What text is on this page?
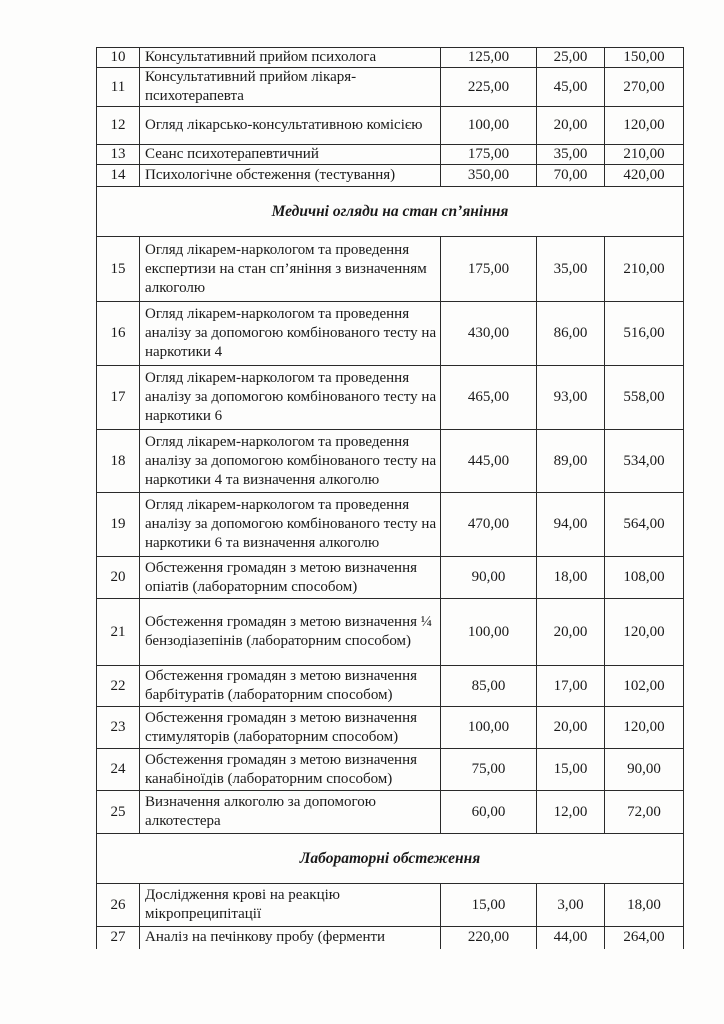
10	Консультативний прийом психолога	125,00	25,00	150,00
11	Консультативний прийом лікаря-психотерапевта	225,00	45,00	270,00
12	Огляд лікарсько-консультативною комісією	100,00	20,00	120,00
13	Сеанс психотерапевтичний	175,00	35,00	210,00
14	Психологічне обстеження (тестування)	350,00	70,00	420,00
Медичні огляди на стан сп’яніння				
15	Огляд лікарем-наркологом та проведення експертизи на стан сп’яніння з визначенням алкоголю	175,00	35,00	210,00
16	Огляд лікарем-наркологом та проведення аналізу за допомогою комбінованого тесту на наркотики 4	430,00	86,00	516,00
17	Огляд лікарем-наркологом та проведення аналізу за допомогою комбінованого тесту на наркотики 6	465,00	93,00	558,00
18	Огляд лікарем-наркологом та проведення аналізу за допомогою комбінованого тесту на наркотики 4 та визначення алкоголю	445,00	89,00	534,00
19	Огляд лікарем-наркологом та проведення аналізу за допомогою комбінованого тесту на наркотики 6 та визначення алкоголю	470,00	94,00	564,00
20	Обстеження громадян з метою визначення опіатів (лабораторним способом)	90,00	18,00	108,00
21	Обстеження громадян з метою визначення ¼ бензодіазепінів (лабораторним способом)	100,00	20,00	120,00
22	Обстеження громадян з метою визначення барбітуратів (лабораторним способом)	85,00	17,00	102,00
23	Обстеження громадян з метою визначення стимуляторів (лабораторним способом)	100,00	20,00	120,00
24	Обстеження громадян з метою визначення канабіноїдів (лабораторним способом)	75,00	15,00	90,00
25	Визначення алкоголю за допомогою алкотестера	60,00	12,00	72,00
Лабораторні обстеження				
26	Дослідження крові на реакцію мікропреципітації	15,00	3,00	18,00
27	Аналіз на печінкову пробу (ферменти	220,00	44,00	264,00
